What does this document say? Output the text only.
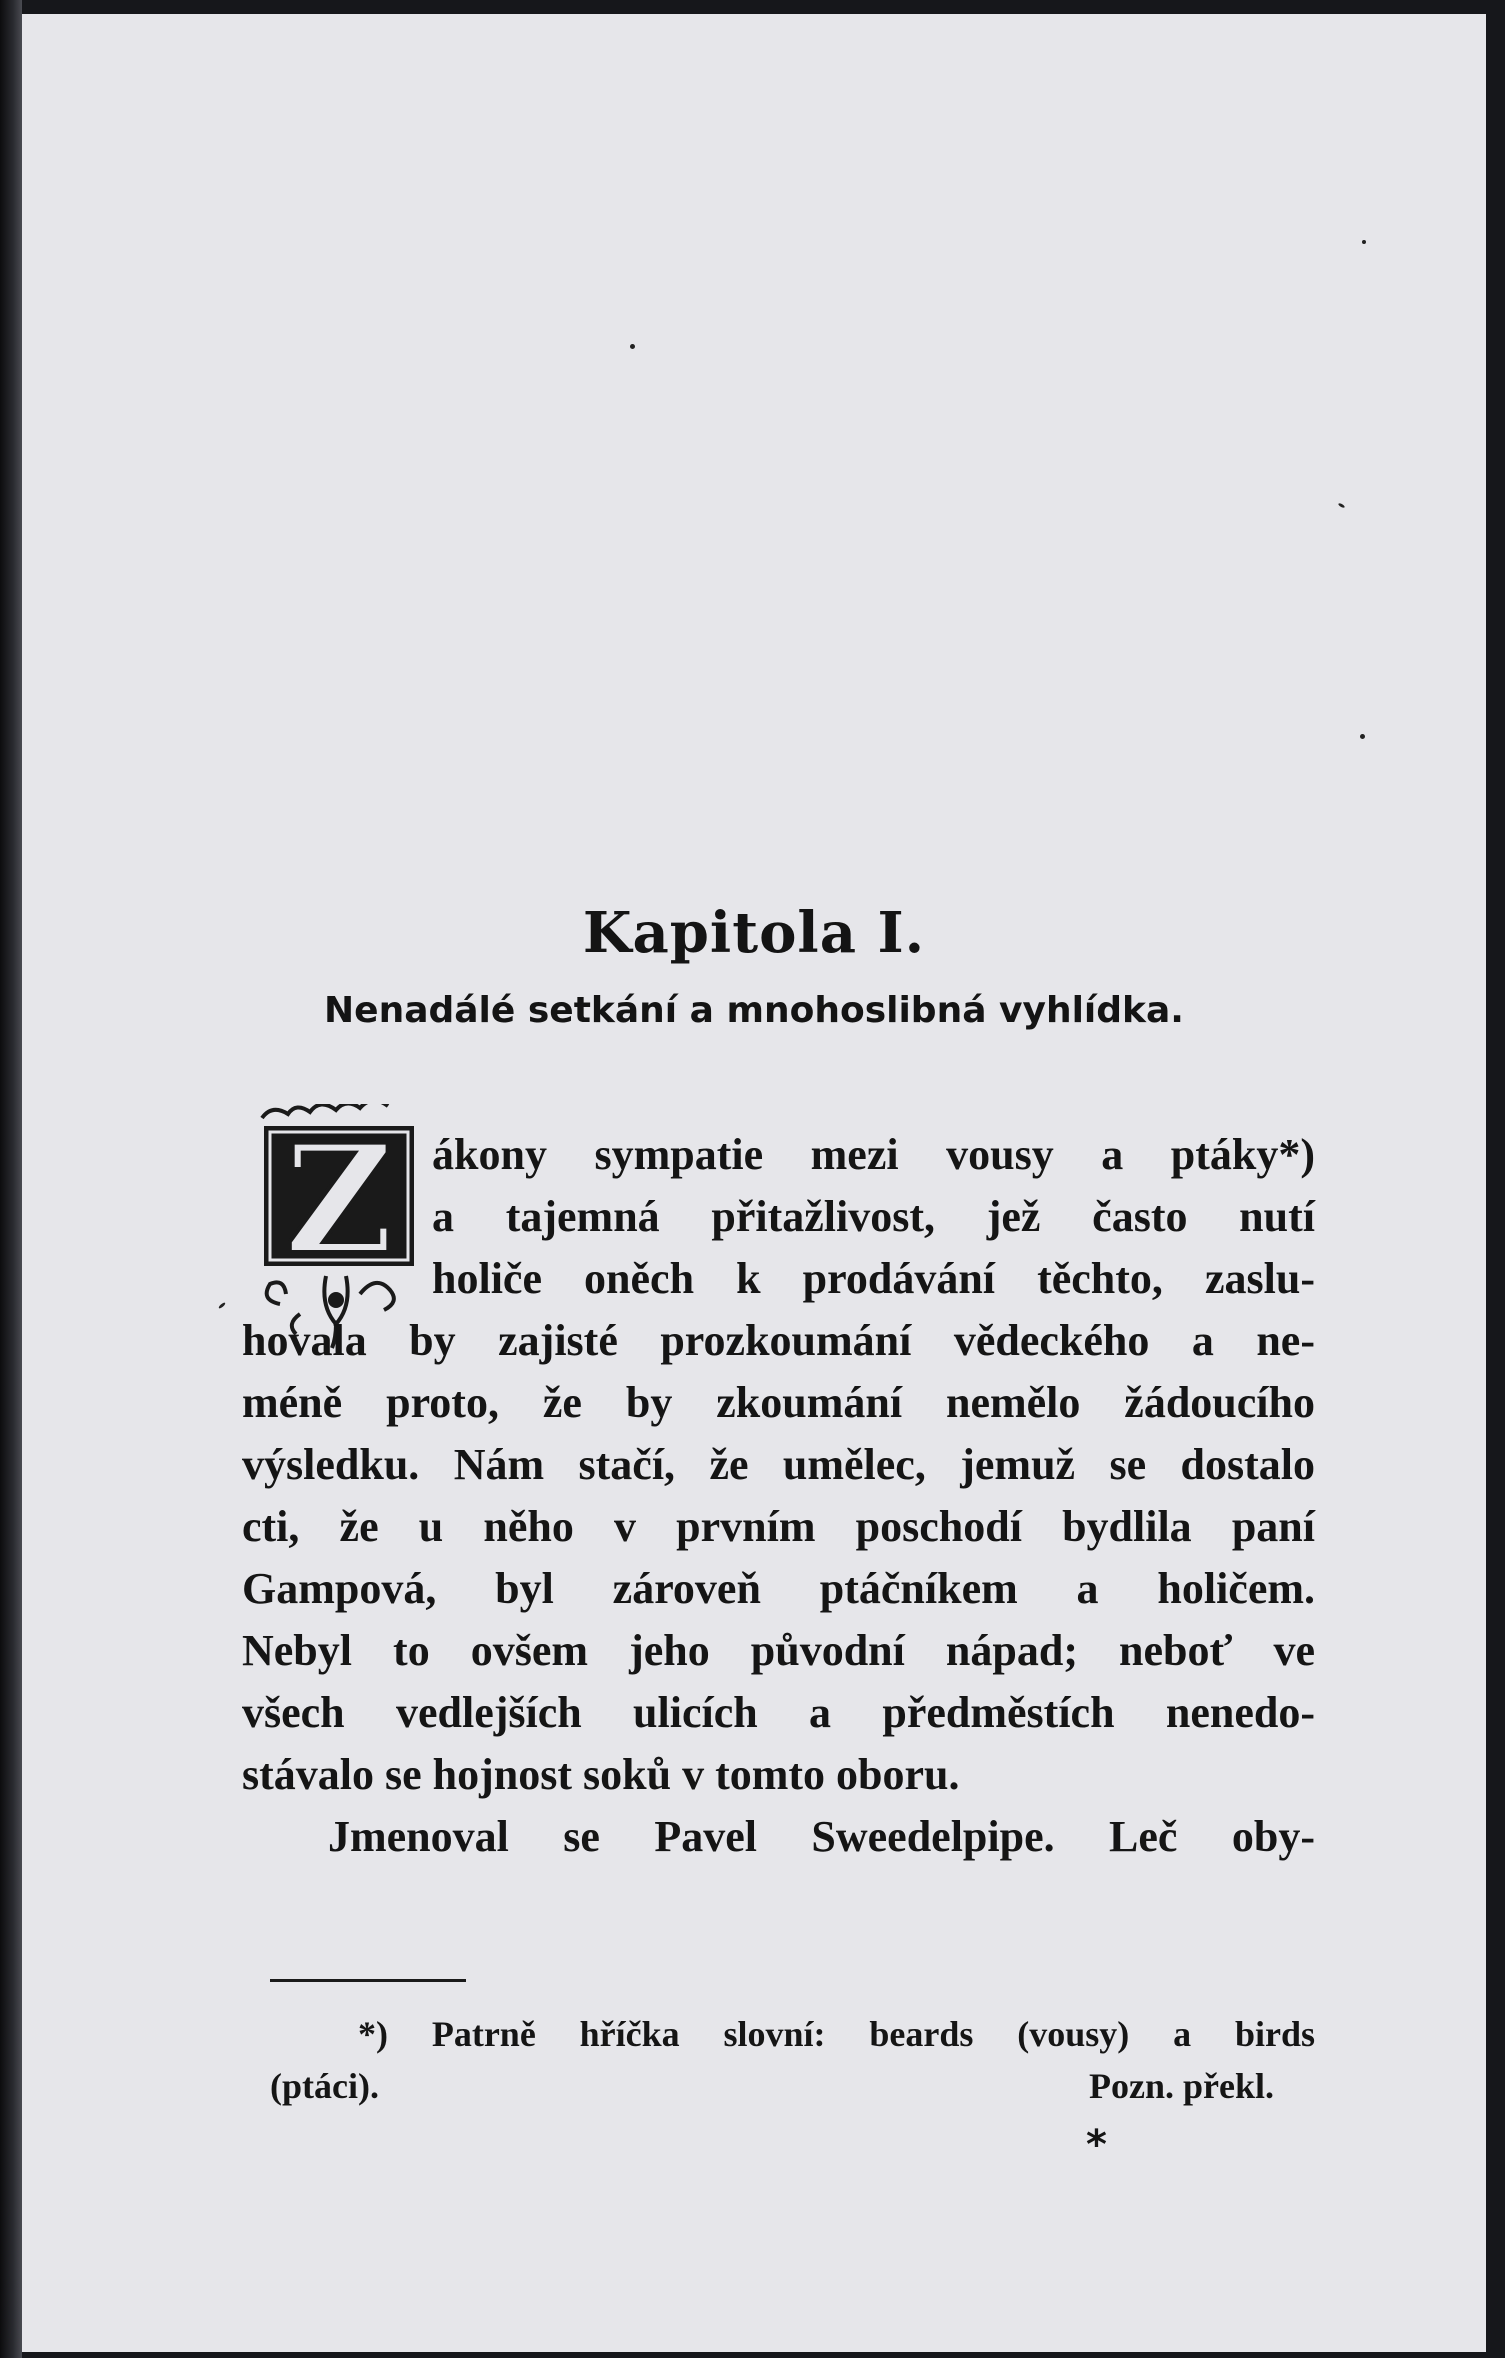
Kapitola I.
Nenadálé setkání a mnohoslibná vyhlídka.
Z ákony sympatie mezi vousy a ptáky*)
a tajemná přitažlivost, jež často nutí
holiče oněch k prodávání těchto, zaslu-
hovala by zajisté prozkoumání vědeckého a ne-
méně proto, že by zkoumání nemělo žádoucího
výsledku. Nám stačí, že umělec, jemuž se dostalo
cti, že u něho v prvním poschodí bydlila paní
Gampová, byl zároveň ptáčníkem a holičem.
Nebyl to ovšem jeho původní nápad; neboť ve
všech vedlejších ulicích a předměstích nenedo-
stávalo se hojnost soků v tomto oboru.
Jmenoval se Pavel Sweedelpipe. Leč oby-
*) Patrně hříčka slovní: beards (vousy) a birds
(ptáci).	Pozn. překl.
*
